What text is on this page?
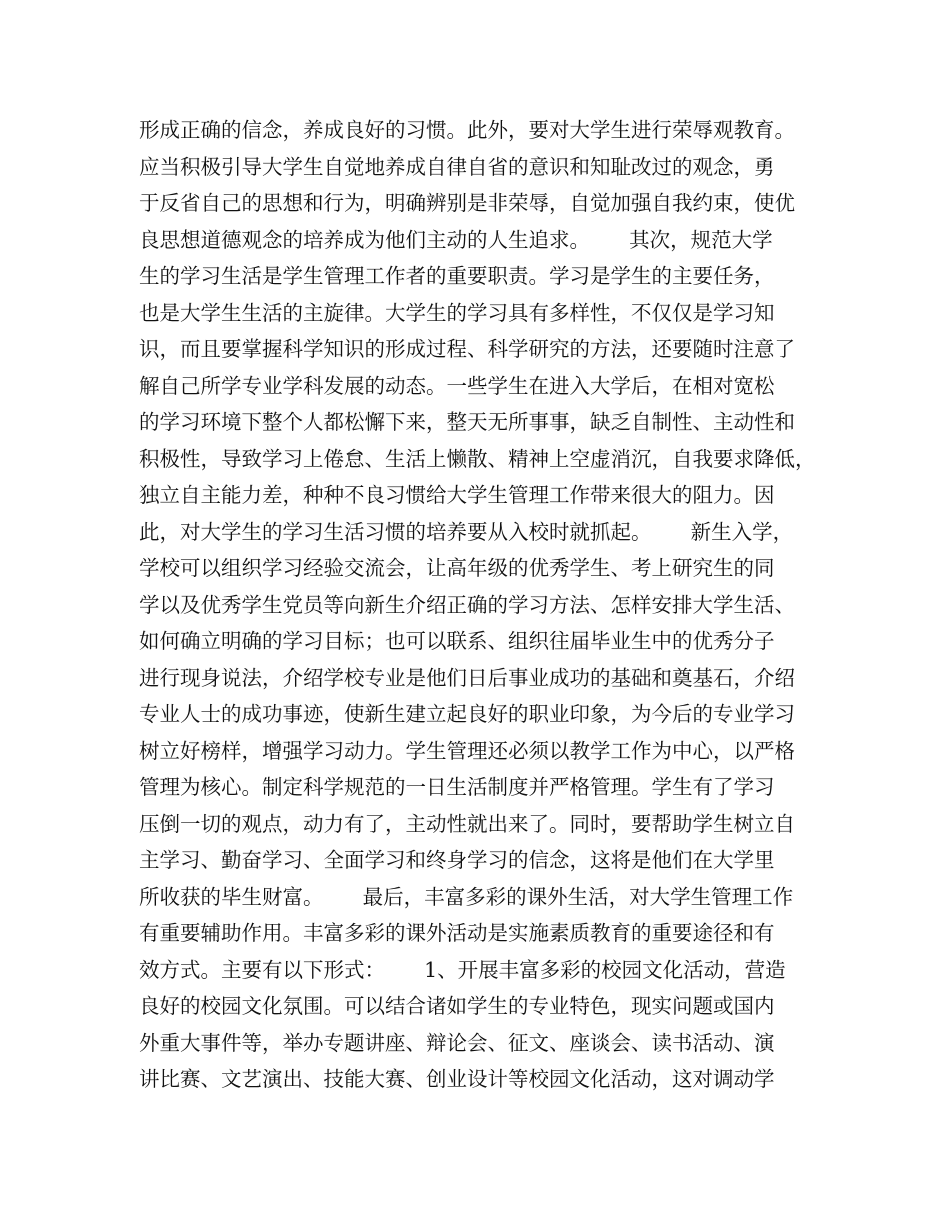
形成正确的信念，养成良好的习惯。此外，要对大学生进行荣辱观教育。
应当积极引导大学生自觉地养成自律自省的意识和知耻改过的观念，勇
于反省自己的思想和行为，明确辨别是非荣辱，自觉加强自我约束，使优
良思想道德观念的培养成为他们主动的人生追求。      其次，规范大学
生的学习生活是学生管理工作者的重要职责。学习是学生的主要任务，
也是大学生生活的主旋律。大学生的学习具有多样性，不仅仅是学习知
识，而且要掌握科学知识的形成过程、科学研究的方法，还要随时注意了
解自己所学专业学科发展的动态。一些学生在进入大学后，在相对宽松
的学习环境下整个人都松懈下来，整天无所事事，缺乏自制性、主动性和
积极性，导致学习上倦怠、生活上懒散、精神上空虚消沉，自我要求降低，
独立自主能力差，种种不良习惯给大学生管理工作带来很大的阻力。因
此，对大学生的学习生活习惯的培养要从入校时就抓起。      新生入学，
学校可以组织学习经验交流会，让高年级的优秀学生、考上研究生的同
学以及优秀学生党员等向新生介绍正确的学习方法、怎样安排大学生活、
如何确立明确的学习目标；也可以联系、组织往届毕业生中的优秀分子
进行现身说法，介绍学校专业是他们日后事业成功的基础和奠基石，介绍
专业人士的成功事迹，使新生建立起良好的职业印象，为今后的专业学习
树立好榜样，增强学习动力。学生管理还必须以教学工作为中心，以严格
管理为核心。制定科学规范的一日生活制度并严格管理。学生有了学习
压倒一切的观点，动力有了，主动性就出来了。同时，要帮助学生树立自
主学习、勤奋学习、全面学习和终身学习的信念，这将是他们在大学里
所收获的毕生财富。      最后，丰富多彩的课外生活，对大学生管理工作
有重要辅助作用。丰富多彩的课外活动是实施素质教育的重要途径和有
效方式。主要有以下形式：      1、开展丰富多彩的校园文化活动，营造
良好的校园文化氛围。可以结合诸如学生的专业特色，现实问题或国内
外重大事件等，举办专题讲座、辩论会、征文、座谈会、读书活动、演
讲比赛、文艺演出、技能大赛、创业设计等校园文化活动，这对调动学
